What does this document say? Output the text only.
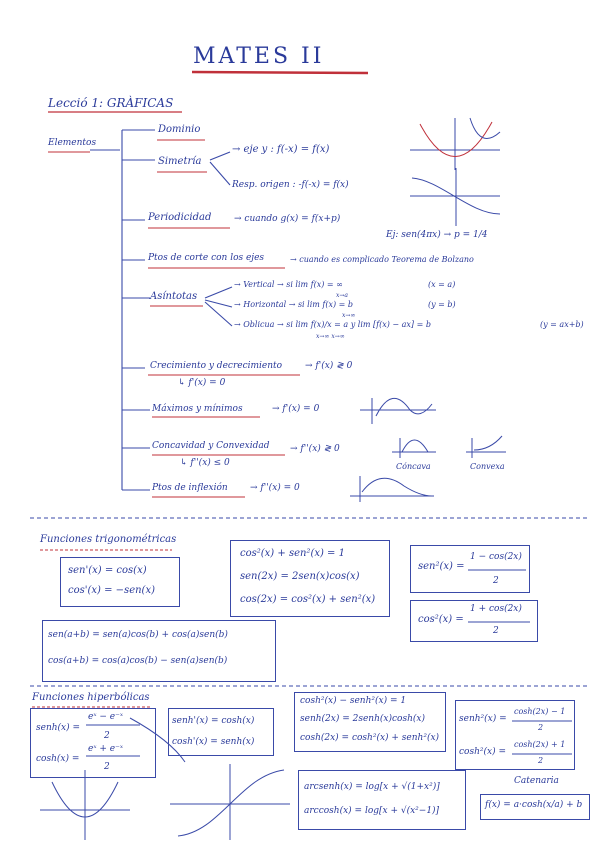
MATES II
Lecció 1: GRÀFICAS
Elementos
Dominio
Simetría
→ eje y : f(-x) = f(x)
Resp. origen : -f(-x) = f(x)
Periodicidad	→ cuando g(x) = f(x+p)
Ej: sen(4πx) → p = 1/4
Ptos de corte con los ejes	→ cuando es complicado Teorema de Bolzano
Asíntotas
→ Vertical → si lim f(x) = ∞
x→a
(x = a)
→ Horizontal → si lim f(x) = b
x→∞
(y = b)
→ Oblicua → si lim f(x)/x = a y lim [f(x) − ax] = b
x→∞ x→∞
(y = ax+b)
Crecimiento y decrecimiento	→ f'(x) ≷ 0
↳ f'(x) = 0
Máximos y mínimos	→ f'(x) = 0
Concavidad y Convexidad → f''(x) ≷ 0
↳ f''(x) ≤ 0	Cóncava	Convexa
Ptos de inflexión → f''(x) = 0
Funciones trigonométricas
sen'(x) = cos(x)
cos'(x) = −sen(x)
cos²(x) + sen²(x) = 1
sen(2x) = 2sen(x)cos(x)
cos(2x) = cos²(x) + sen²(x)
sen²(x) =
1 − cos(2x)
2
cos²(x) =
1 + cos(2x)
2
sen(a+b) = sen(a)cos(b) + cos(a)sen(b)
cos(a+b) = cos(a)cos(b) − sen(a)sen(b)
Funciones hiperbólicas
senh(x) =
eˣ − e⁻ˣ
2
cosh(x) =
eˣ + e⁻ˣ
2
senh'(x) = cosh(x)
cosh'(x) = senh(x)
cosh²(x) − senh²(x) = 1
senh(2x) = 2senh(x)cosh(x)
cosh(2x) = cosh²(x) + senh²(x)
senh²(x) =
cosh(2x) − 1
2
cosh²(x) =
cosh(2x) + 1
2
arcsenh(x) = log[x + √(1+x²)]
arccosh(x) = log[x + √(x²−1)]
Catenaria
f(x) = a·cosh(x/a) + b
